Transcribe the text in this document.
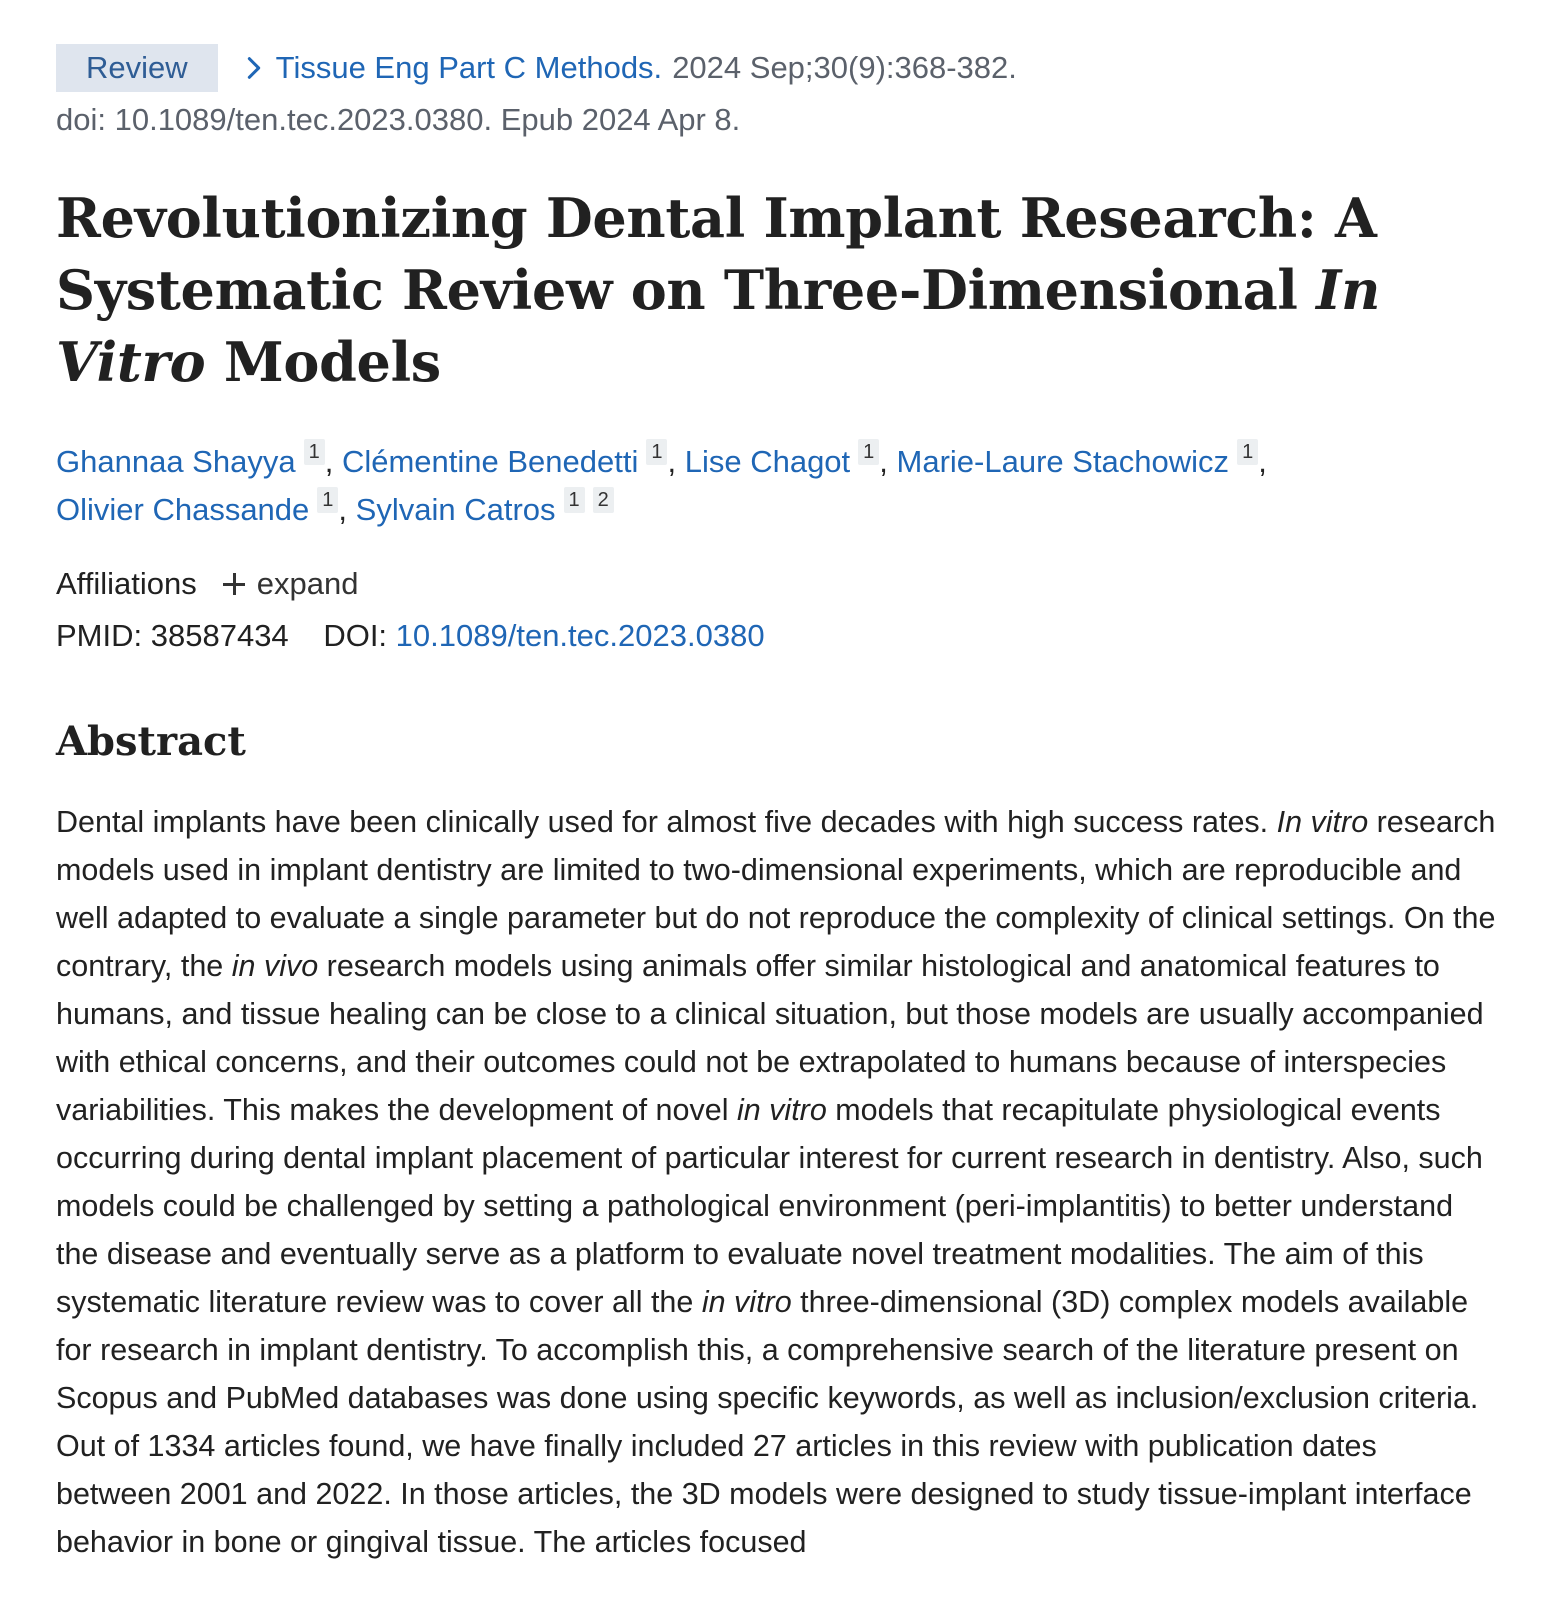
Review	Tissue Eng Part C Methods. 2024 Sep;30(9):368-382.
doi: 10.1089/ten.tec.2023.0380. Epub 2024 Apr 8.
Revolutionizing Dental Implant Research: A Systematic Review on Three-Dimensional In Vitro Models
Ghannaa Shayya 1 , Clémentine Benedetti 1 , Lise Chagot 1 , Marie-Laure Stachowicz 1 ,
Olivier Chassande 1 , Sylvain Catros 1 2
Affiliations expand
PMID: 38587434 DOI: 10.1089/ten.tec.2023.0380
Abstract
Dental implants have been clinically used for almost five decades with high success rates. In vitro research models used in implant dentistry are limited to two-dimensional experiments, which are reproducible and well adapted to evaluate a single parameter but do not reproduce the complexity of clinical settings. On the contrary, the in vivo research models using animals offer similar histological and anatomical features to humans, and tissue healing can be close to a clinical situation, but those models are usually accompanied with ethical concerns, and their outcomes could not be extrapolated to humans because of interspecies variabilities. This makes the development of novel in vitro models that recapitulate physiological events occurring during dental implant placement of particular interest for current research in dentistry. Also, such models could be challenged by setting a pathological environment (peri-implantitis) to better understand the disease and eventually serve as a platform to evaluate novel treatment modalities. The aim of this systematic literature review was to cover all the in vitro three-dimensional (3D) complex models available for research in implant dentistry. To accomplish this, a comprehensive search of the literature present on Scopus and PubMed databases was done using specific keywords, as well as inclusion/exclusion criteria. Out of 1334 articles found, we have finally included 27 articles in this review with publication dates between 2001 and 2022. In those articles, the 3D models were designed to study tissue-implant interface behavior in bone or gingival tissue. The articles focused
